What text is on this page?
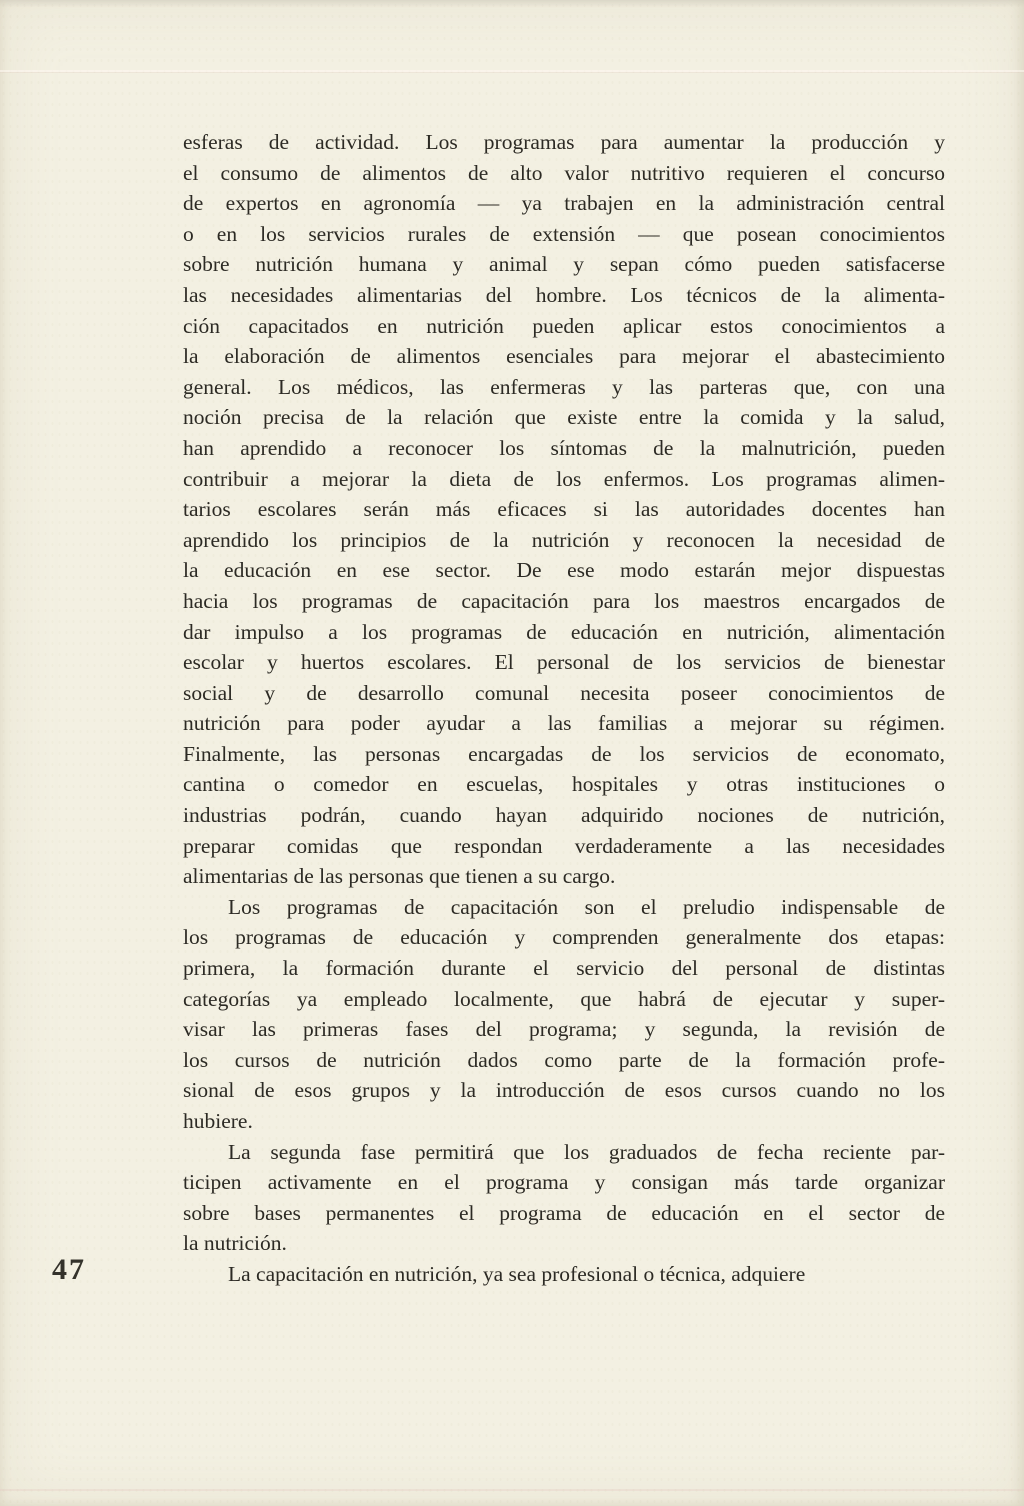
47
esferas de actividad. Los programas para aumentar la producción y
el consumo de alimentos de alto valor nutritivo requieren el concurso
de expertos en agronomía — ya trabajen en la administración central
o en los servicios rurales de extensión — que posean conocimientos
sobre nutrición humana y animal y sepan cómo pueden satisfacerse
las necesidades alimentarias del hombre. Los técnicos de la alimenta-
ción capacitados en nutrición pueden aplicar estos conocimientos a
la elaboración de alimentos esenciales para mejorar el abastecimiento
general. Los médicos, las enfermeras y las parteras que, con una
noción precisa de la relación que existe entre la comida y la salud,
han aprendido a reconocer los síntomas de la malnutrición, pueden
contribuir a mejorar la dieta de los enfermos. Los programas alimen-
tarios escolares serán más eficaces si las autoridades docentes han
aprendido los principios de la nutrición y reconocen la necesidad de
la educación en ese sector. De ese modo estarán mejor dispuestas
hacia los programas de capacitación para los maestros encargados de
dar impulso a los programas de educación en nutrición, alimentación
escolar y huertos escolares. El personal de los servicios de bienestar
social y de desarrollo comunal necesita poseer conocimientos de
nutrición para poder ayudar a las familias a mejorar su régimen.
Finalmente, las personas encargadas de los servicios de economato,
cantina o comedor en escuelas, hospitales y otras instituciones o
industrias podrán, cuando hayan adquirido nociones de nutrición,
preparar comidas que respondan verdaderamente a las necesidades
alimentarias de las personas que tienen a su cargo.
Los programas de capacitación son el preludio indispensable de
los programas de educación y comprenden generalmente dos etapas:
primera, la formación durante el servicio del personal de distintas
categorías ya empleado localmente, que habrá de ejecutar y super-
visar las primeras fases del programa; y segunda, la revisión de
los cursos de nutrición dados como parte de la formación profe-
sional de esos grupos y la introducción de esos cursos cuando no los
hubiere.
La segunda fase permitirá que los graduados de fecha reciente par-
ticipen activamente en el programa y consigan más tarde organizar
sobre bases permanentes el programa de educación en el sector de
la nutrición.
La capacitación en nutrición, ya sea profesional o técnica, adquiere
